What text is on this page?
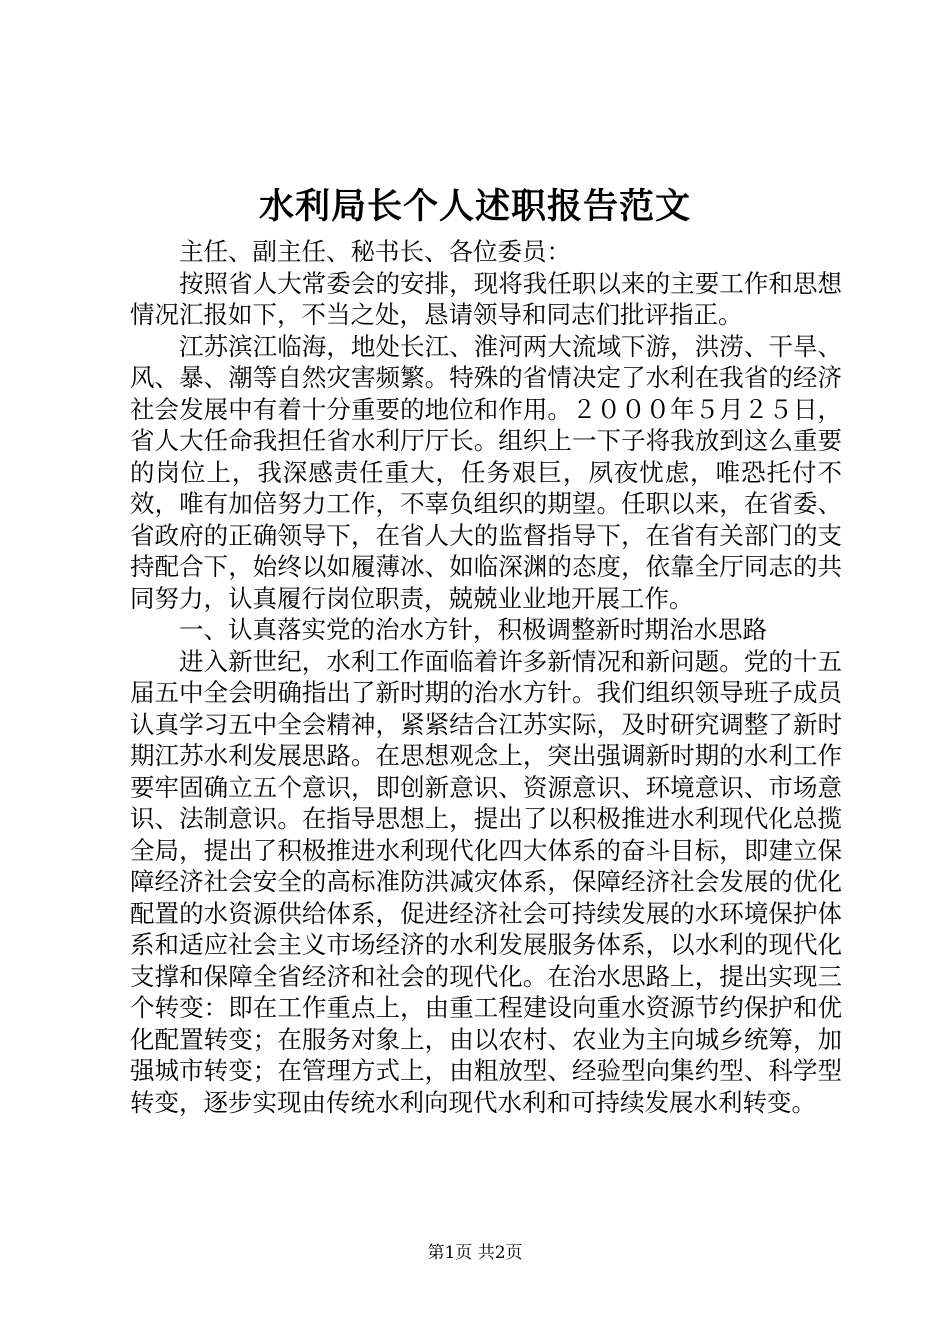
水利局长个人述职报告范文

主任、副主任、秘书长、各位委员：

按照省人大常委会的安排，现将我任职以来的主要工作和思想情况汇报如下，不当之处，恳请领导和同志们批评指正。

江苏滨江临海，地处长江、淮河两大流域下游，洪涝、干旱、风、暴、潮等自然灾害频繁。特殊的省情决定了水利在我省的经济社会发展中有着十分重要的地位和作用。２０００年５月２５日，省人大任命我担任省水利厅厅长。组织上一下子将我放到这么重要的岗位上，我深感责任重大，任务艰巨，夙夜忧虑，唯恐托付不效，唯有加倍努力工作，不辜负组织的期望。任职以来，在省委、省政府的正确领导下，在省人大的监督指导下，在省有关部门的支持配合下，始终以如履薄冰、如临深渊的态度，依靠全厅同志的共同努力，认真履行岗位职责，兢兢业业地开展工作。

一、认真落实党的治水方针，积极调整新时期治水思路

进入新世纪，水利工作面临着许多新情况和新问题。党的十五届五中全会明确指出了新时期的治水方针。我们组织领导班子成员认真学习五中全会精神，紧紧结合江苏实际，及时研究调整了新时期江苏水利发展思路。在思想观念上，突出强调新时期的水利工作要牢固确立五个意识，即创新意识、资源意识、环境意识、市场意识、法制意识。在指导思想上，提出了以积极推进水利现代化总揽全局，提出了积极推进水利现代化四大体系的奋斗目标，即建立保障经济社会安全的高标准防洪减灾体系，保障经济社会发展的优化配置的水资源供给体系，促进经济社会可持续发展的水环境保护体系和适应社会主义市场经济的水利发展服务体系，以水利的现代化支撑和保障全省经济和社会的现代化。在治水思路上，提出实现三个转变：即在工作重点上，由重工程建设向重水资源节约保护和优化配置转变；在服务对象上，由以农村、农业为主向城乡统筹，加强城市转变；在管理方式上，由粗放型、经验型向集约型、科学型转变，逐步实现由传统水利向现代水利和可持续发展水利转变。

第1页 共2页
